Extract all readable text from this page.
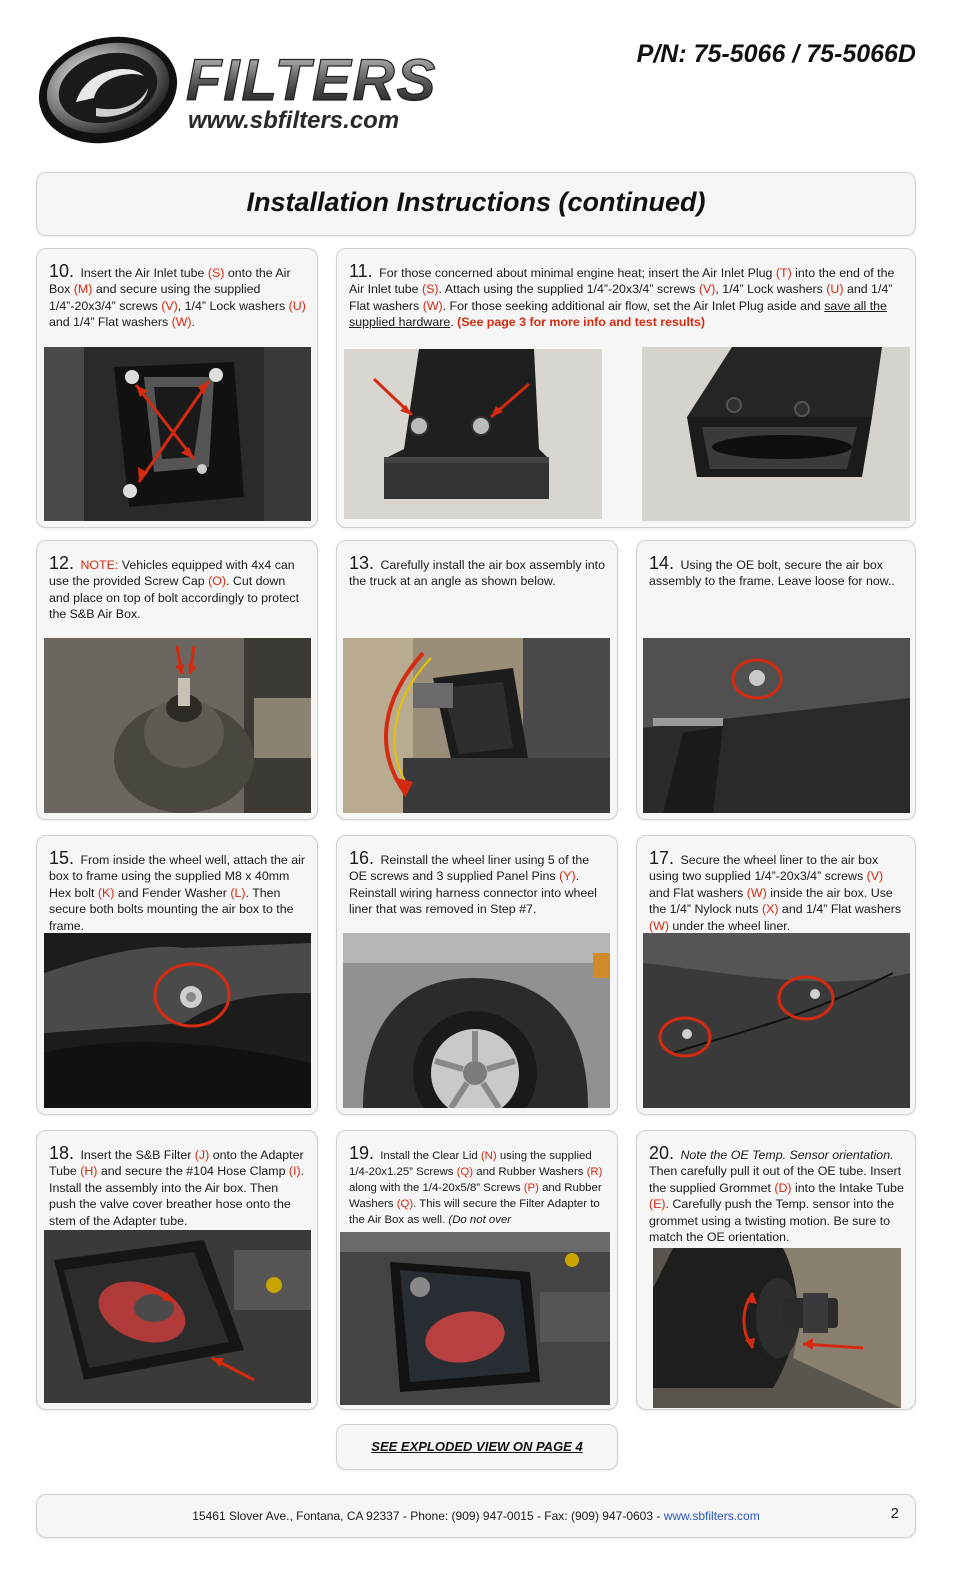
FILTERS
www.sbfilters.com
P/N: 75-5066 / 75-5066D
Installation Instructions (continued)
10. Insert the Air Inlet tube (S) onto the Air Box (M) and secure using the supplied 1/4”-20x3/4” screws (V), 1/4” Lock washers (U) and 1/4” Flat washers (W).
11. For those concerned about minimal engine heat; insert the Air Inlet Plug (T) into the end of the Air Inlet tube (S). Attach using the supplied 1/4”-20x3/4” screws (V), 1/4” Lock washers (U) and 1/4” Flat washers (W). For those seeking additional air flow, set the Air Inlet Plug aside and save all the supplied hardware. (See page 3 for more info and test results)
12. NOTE: Vehicles equipped with 4x4 can use the provided Screw Cap (O). Cut down and place on top of bolt accordingly to protect the S&B Air Box.
13. Carefully install the air box assembly into the truck at an angle as shown below.
14. Using the OE bolt, secure the air box assembly to the frame. Leave loose for now..
15. From inside the wheel well, attach the air box to frame using the supplied M8 x 40mm Hex bolt (K) and Fender Washer (L). Then secure both bolts mounting the air box to the frame.
16. Reinstall the wheel liner using 5 of the OE screws and 3 supplied Panel Pins (Y). Reinstall wiring harness connector into wheel liner that was removed in Step #7.
17. Secure the wheel liner to the air box using two supplied 1/4”-20x3/4” screws (V) and Flat washers (W) inside the air box. Use the 1/4” Nylock nuts (X) and 1/4” Flat washers (W) under the wheel liner.
18. Insert the S&B Filter (J) onto the Adapter Tube (H) and secure the #104 Hose Clamp (I). Install the assembly into the Air box. Then push the valve cover breather hose onto the stem of the Adapter tube.
19. Install the Clear Lid (N) using the supplied 1/4-20x1.25” Screws (Q) and Rubber Washers (R) along with the 1/4-20x5/8” Screws (P) and Rubber Washers (Q). This will secure the Filter Adapter to the Air Box as well. (Do not over
20. Note the OE Temp. Sensor orientation. Then carefully pull it out of the OE tube. Insert the supplied Grommet (D) into the Intake Tube (E). Carefully push the Temp. sensor into the grommet using a twisting motion. Be sure to match the OE orientation.
SEE EXPLODED VIEW ON PAGE 4
15461 Slover Ave., Fontana, CA 92337 - Phone: (909) 947-0015 - Fax: (909) 947-0603 - www.sbfilters.com	2
